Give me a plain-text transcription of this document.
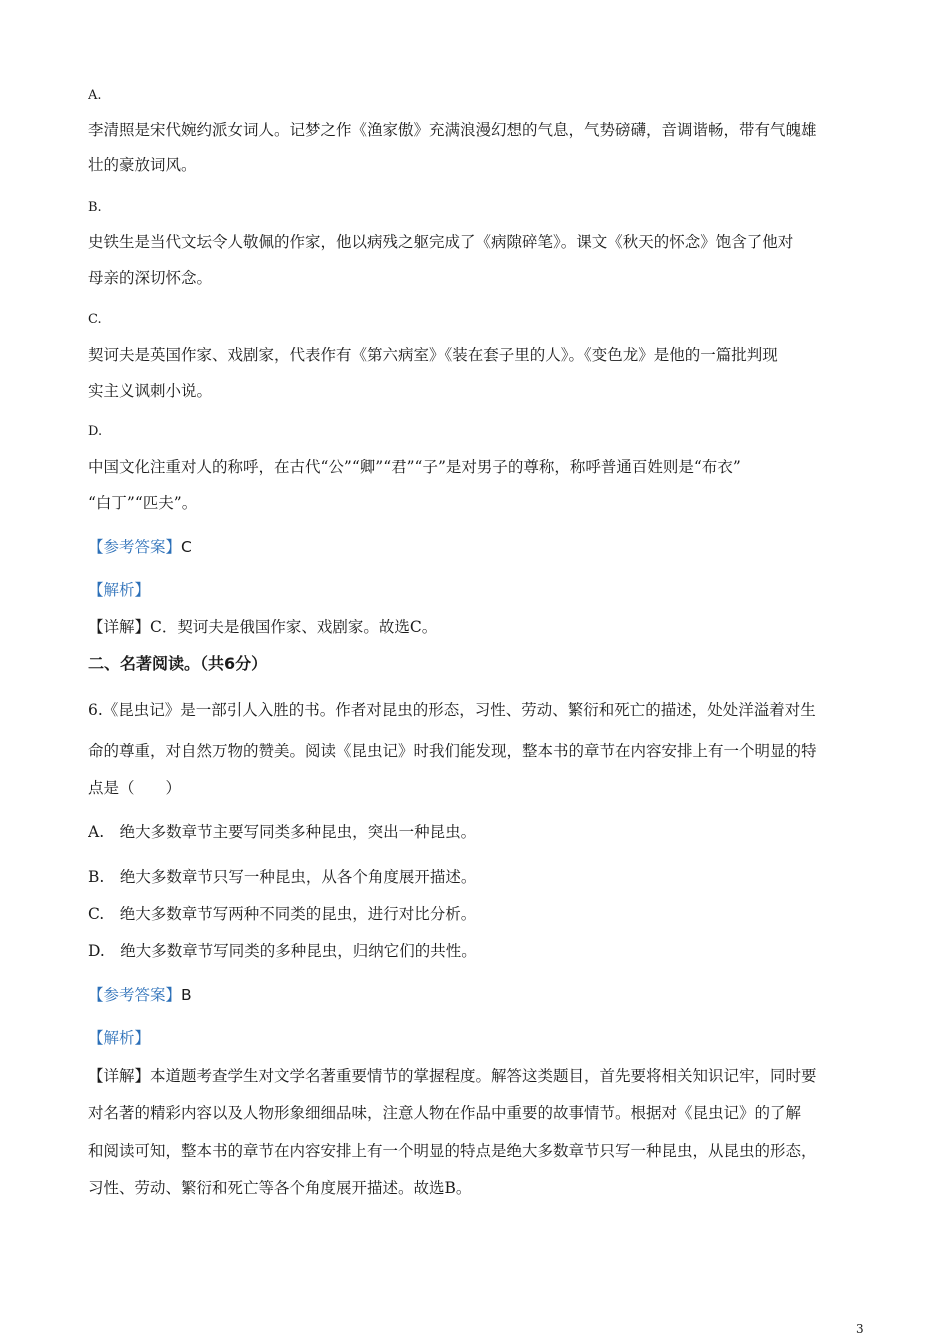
A.
李清照是宋代婉约派女词人。记梦之作《渔家傲》充满浪漫幻想的气息，气势磅礴，音调谐畅，带有气魄雄
壮的豪放词风。
B.
史铁生是当代文坛令人敬佩的作家，他以病残之躯完成了《病隙碎笔》。课文《秋天的怀念》饱含了他对
母亲的深切怀念。
C.
契诃夫是英国作家、戏剧家，代表作有《第六病室》《装在套子里的人》。《变色龙》是他的一篇批判现
实主义讽刺小说。
D.
中国文化注重对人的称呼，在古代“公”“卿”“君”“子”是对男子的尊称，称呼普通百姓则是“布衣”
“白丁”“匹夫”。
【参考答案】C
【解析】
【详解】C．契诃夫是俄国作家、戏剧家。故选C。
二、名著阅读。（共6分）
6.《昆虫记》是一部引人入胜的书。作者对昆虫的形态，习性、劳动、繁衍和死亡的描述，处处洋溢着对生
命的尊重，对自然万物的赞美。阅读《昆虫记》时我们能发现，整本书的章节在内容安排上有一个明显的特
点是（　　）
A.　绝大多数章节主要写同类多种昆虫，突出一种昆虫。
B.　绝大多数章节只写一种昆虫，从各个角度展开描述。
C.　绝大多数章节写两种不同类的昆虫，进行对比分析。
D.　绝大多数章节写同类的多种昆虫，归纳它们的共性。
【参考答案】B
【解析】
【详解】本道题考查学生对文学名著重要情节的掌握程度。解答这类题目，首先要将相关知识记牢，同时要
对名著的精彩内容以及人物形象细细品味，注意人物在作品中重要的故事情节。根据对《昆虫记》的了解
和阅读可知，整本书的章节在内容安排上有一个明显的特点是绝大多数章节只写一种昆虫，从昆虫的形态，
习性、劳动、繁衍和死亡等各个角度展开描述。故选B。
3
